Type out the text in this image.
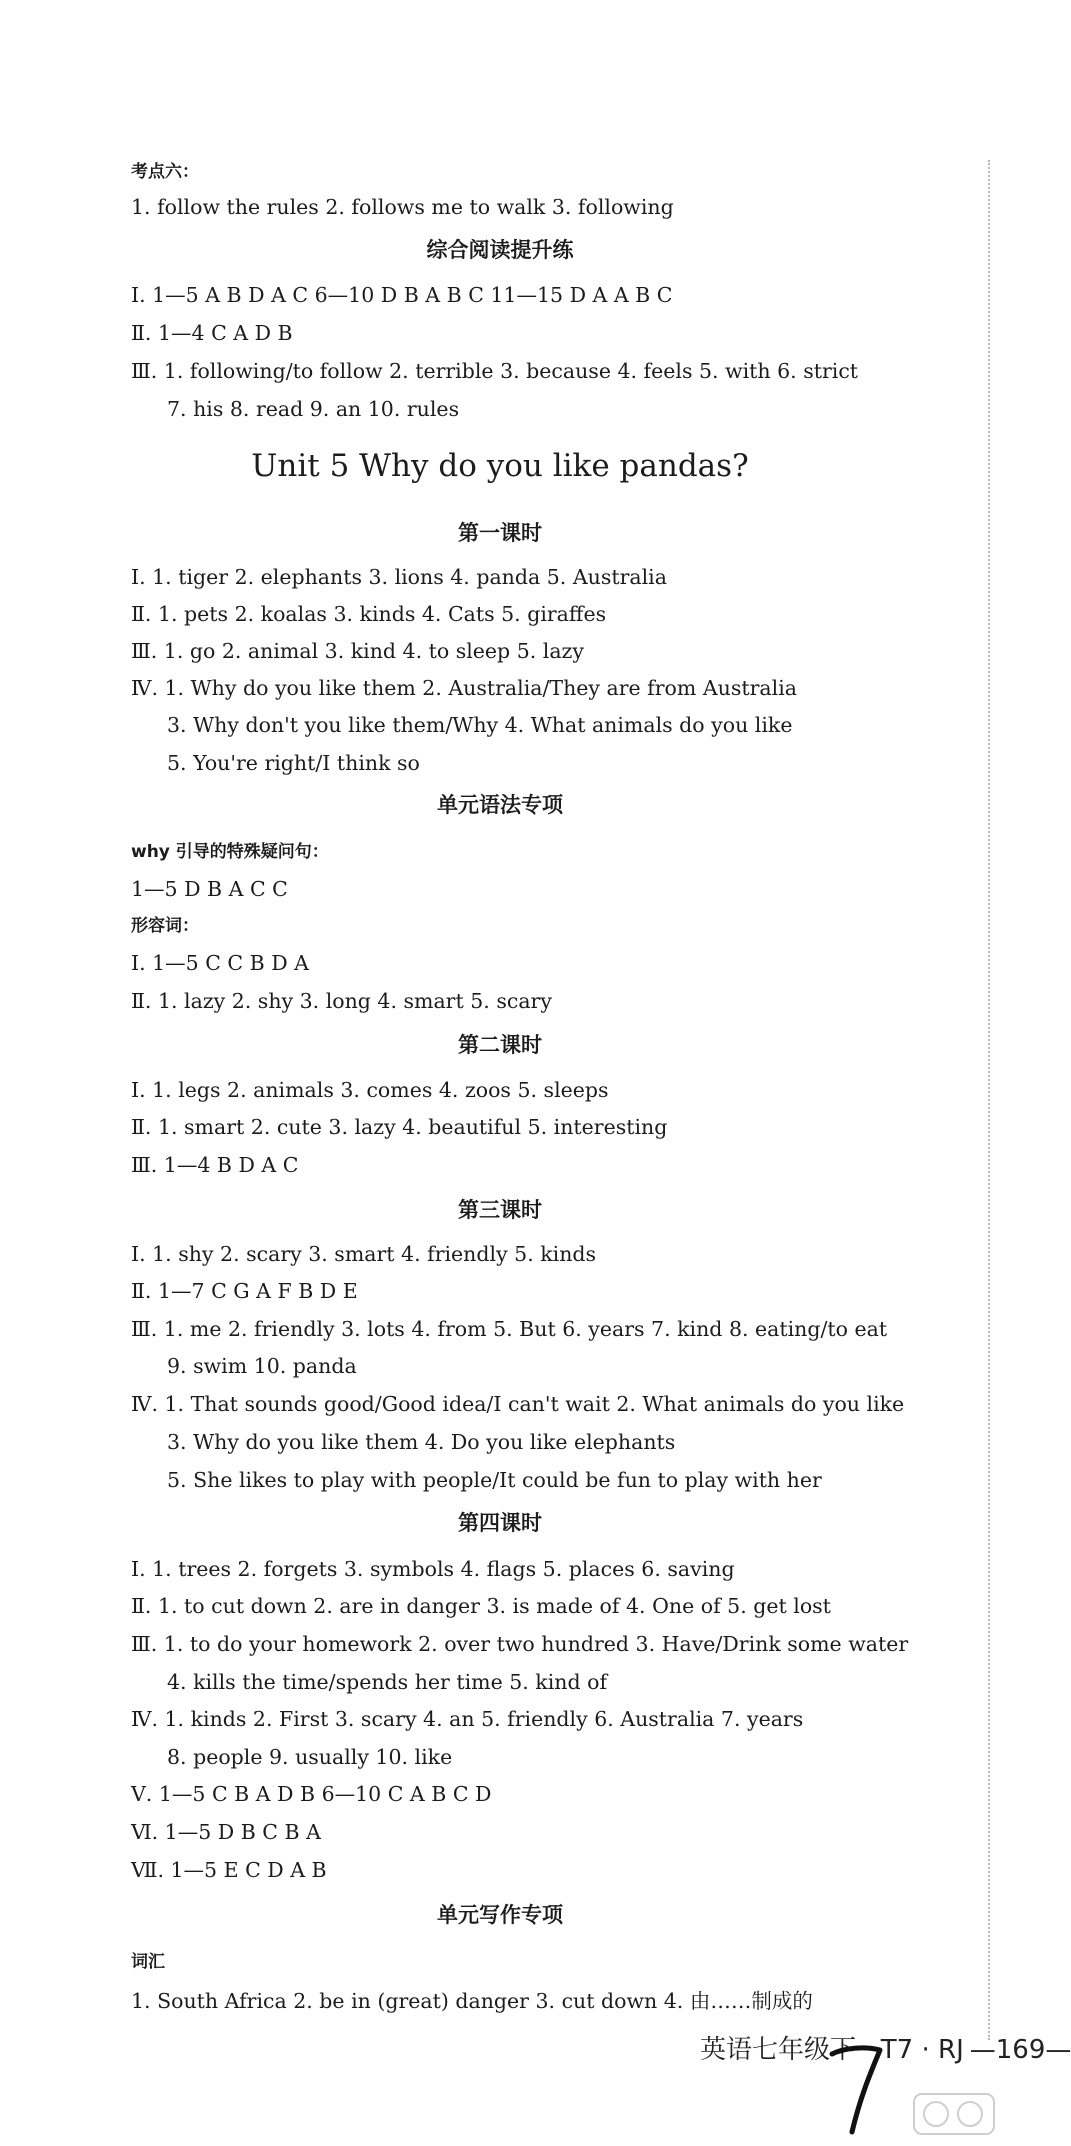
考点六：
1. follow the rules 2. follows me to walk 3. following
综合阅读提升练
Ⅰ. 1—5 A B D A C 6—10 D B A B C 11—15 D A A B C
Ⅱ. 1—4 C A D B
Ⅲ. 1. following/to follow 2. terrible 3. because 4. feels 5. with 6. strict
7. his 8. read 9. an 10. rules
Unit 5 Why do you like pandas?
第一课时
Ⅰ. 1. tiger 2. elephants 3. lions 4. panda 5. Australia
Ⅱ. 1. pets 2. koalas 3. kinds 4. Cats 5. giraffes
Ⅲ. 1. go 2. animal 3. kind 4. to sleep 5. lazy
Ⅳ. 1. Why do you like them 2. Australia/They are from Australia
3. Why don't you like them/Why 4. What animals do you like
5. You're right/I think so
单元语法专项
why 引导的特殊疑问句：
1—5 D B A C C
形容词：
Ⅰ. 1—5 C C B D A
Ⅱ. 1. lazy 2. shy 3. long 4. smart 5. scary
第二课时
Ⅰ. 1. legs 2. animals 3. comes 4. zoos 5. sleeps
Ⅱ. 1. smart 2. cute 3. lazy 4. beautiful 5. interesting
Ⅲ. 1—4 B D A C
第三课时
Ⅰ. 1. shy 2. scary 3. smart 4. friendly 5. kinds
Ⅱ. 1—7 C G A F B D E
Ⅲ. 1. me 2. friendly 3. lots 4. from 5. But 6. years 7. kind 8. eating/to eat
9. swim 10. panda
Ⅳ. 1. That sounds good/Good idea/I can't wait 2. What animals do you like
3. Why do you like them 4. Do you like elephants
5. She likes to play with people/It could be fun to play with her
第四课时
Ⅰ. 1. trees 2. forgets 3. symbols 4. flags 5. places 6. saving
Ⅱ. 1. to cut down 2. are in danger 3. is made of 4. One of 5. get lost
Ⅲ. 1. to do your homework 2. over two hundred 3. Have/Drink some water
4. kills the time/spends her time 5. kind of
Ⅳ. 1. kinds 2. First 3. scary 4. an 5. friendly 6. Australia 7. years
8. people 9. usually 10. like
Ⅴ. 1—5 C B A D B 6—10 C A B C D
Ⅵ. 1—5 D B C B A
Ⅶ. 1—5 E C D A B
单元写作专项
词汇
1. South Africa 2. be in (great) danger 3. cut down 4. 由……制成的
英语七年级下 · T7 · RJ —169—
